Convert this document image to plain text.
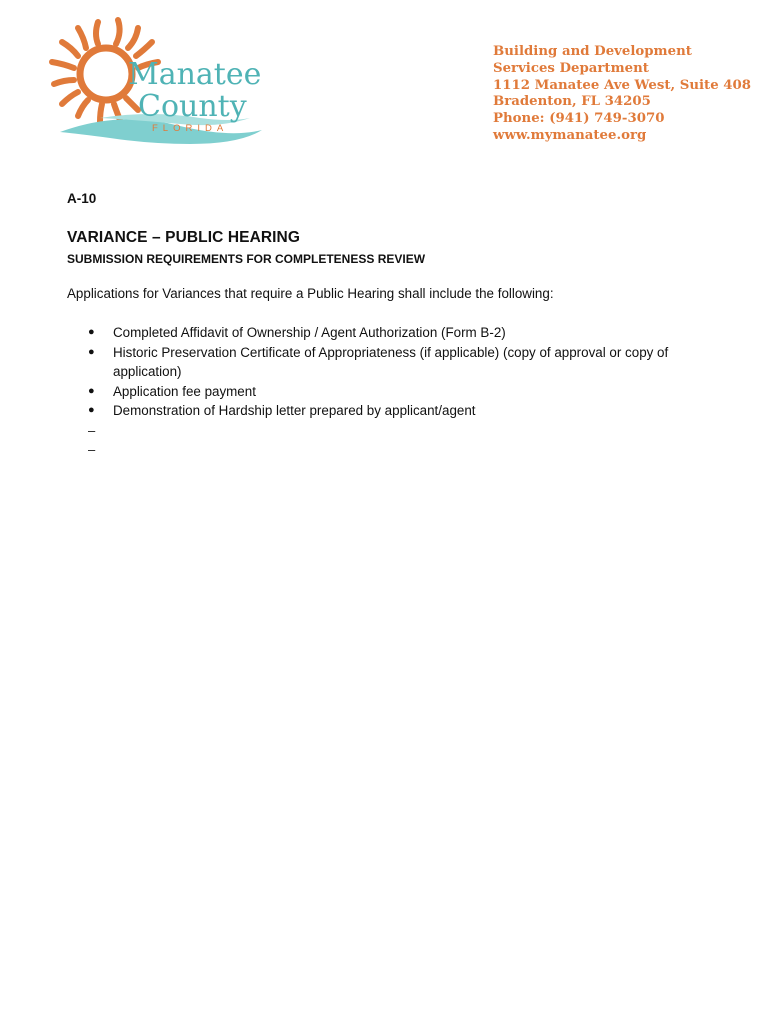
Manatee
County
FLORIDA
Building and Development
Services Department
1112 Manatee Ave West, Suite 408
Bradenton, FL 34205
Phone: (941) 749-3070
www.mymanatee.org
A-10
VARIANCE – PUBLIC HEARING
SUBMISSION REQUIREMENTS FOR COMPLETENESS REVIEW
Applications for Variances that require a Public Hearing shall include the following:
● Completed Affidavit of Ownership / Agent Authorization (Form B-2)
● Historic Preservation Certificate of Appropriateness (if applicable) (copy of approval or copy of application)
● Application fee payment
● Demonstration of Hardship letter prepared by applicant/agent
–
–
